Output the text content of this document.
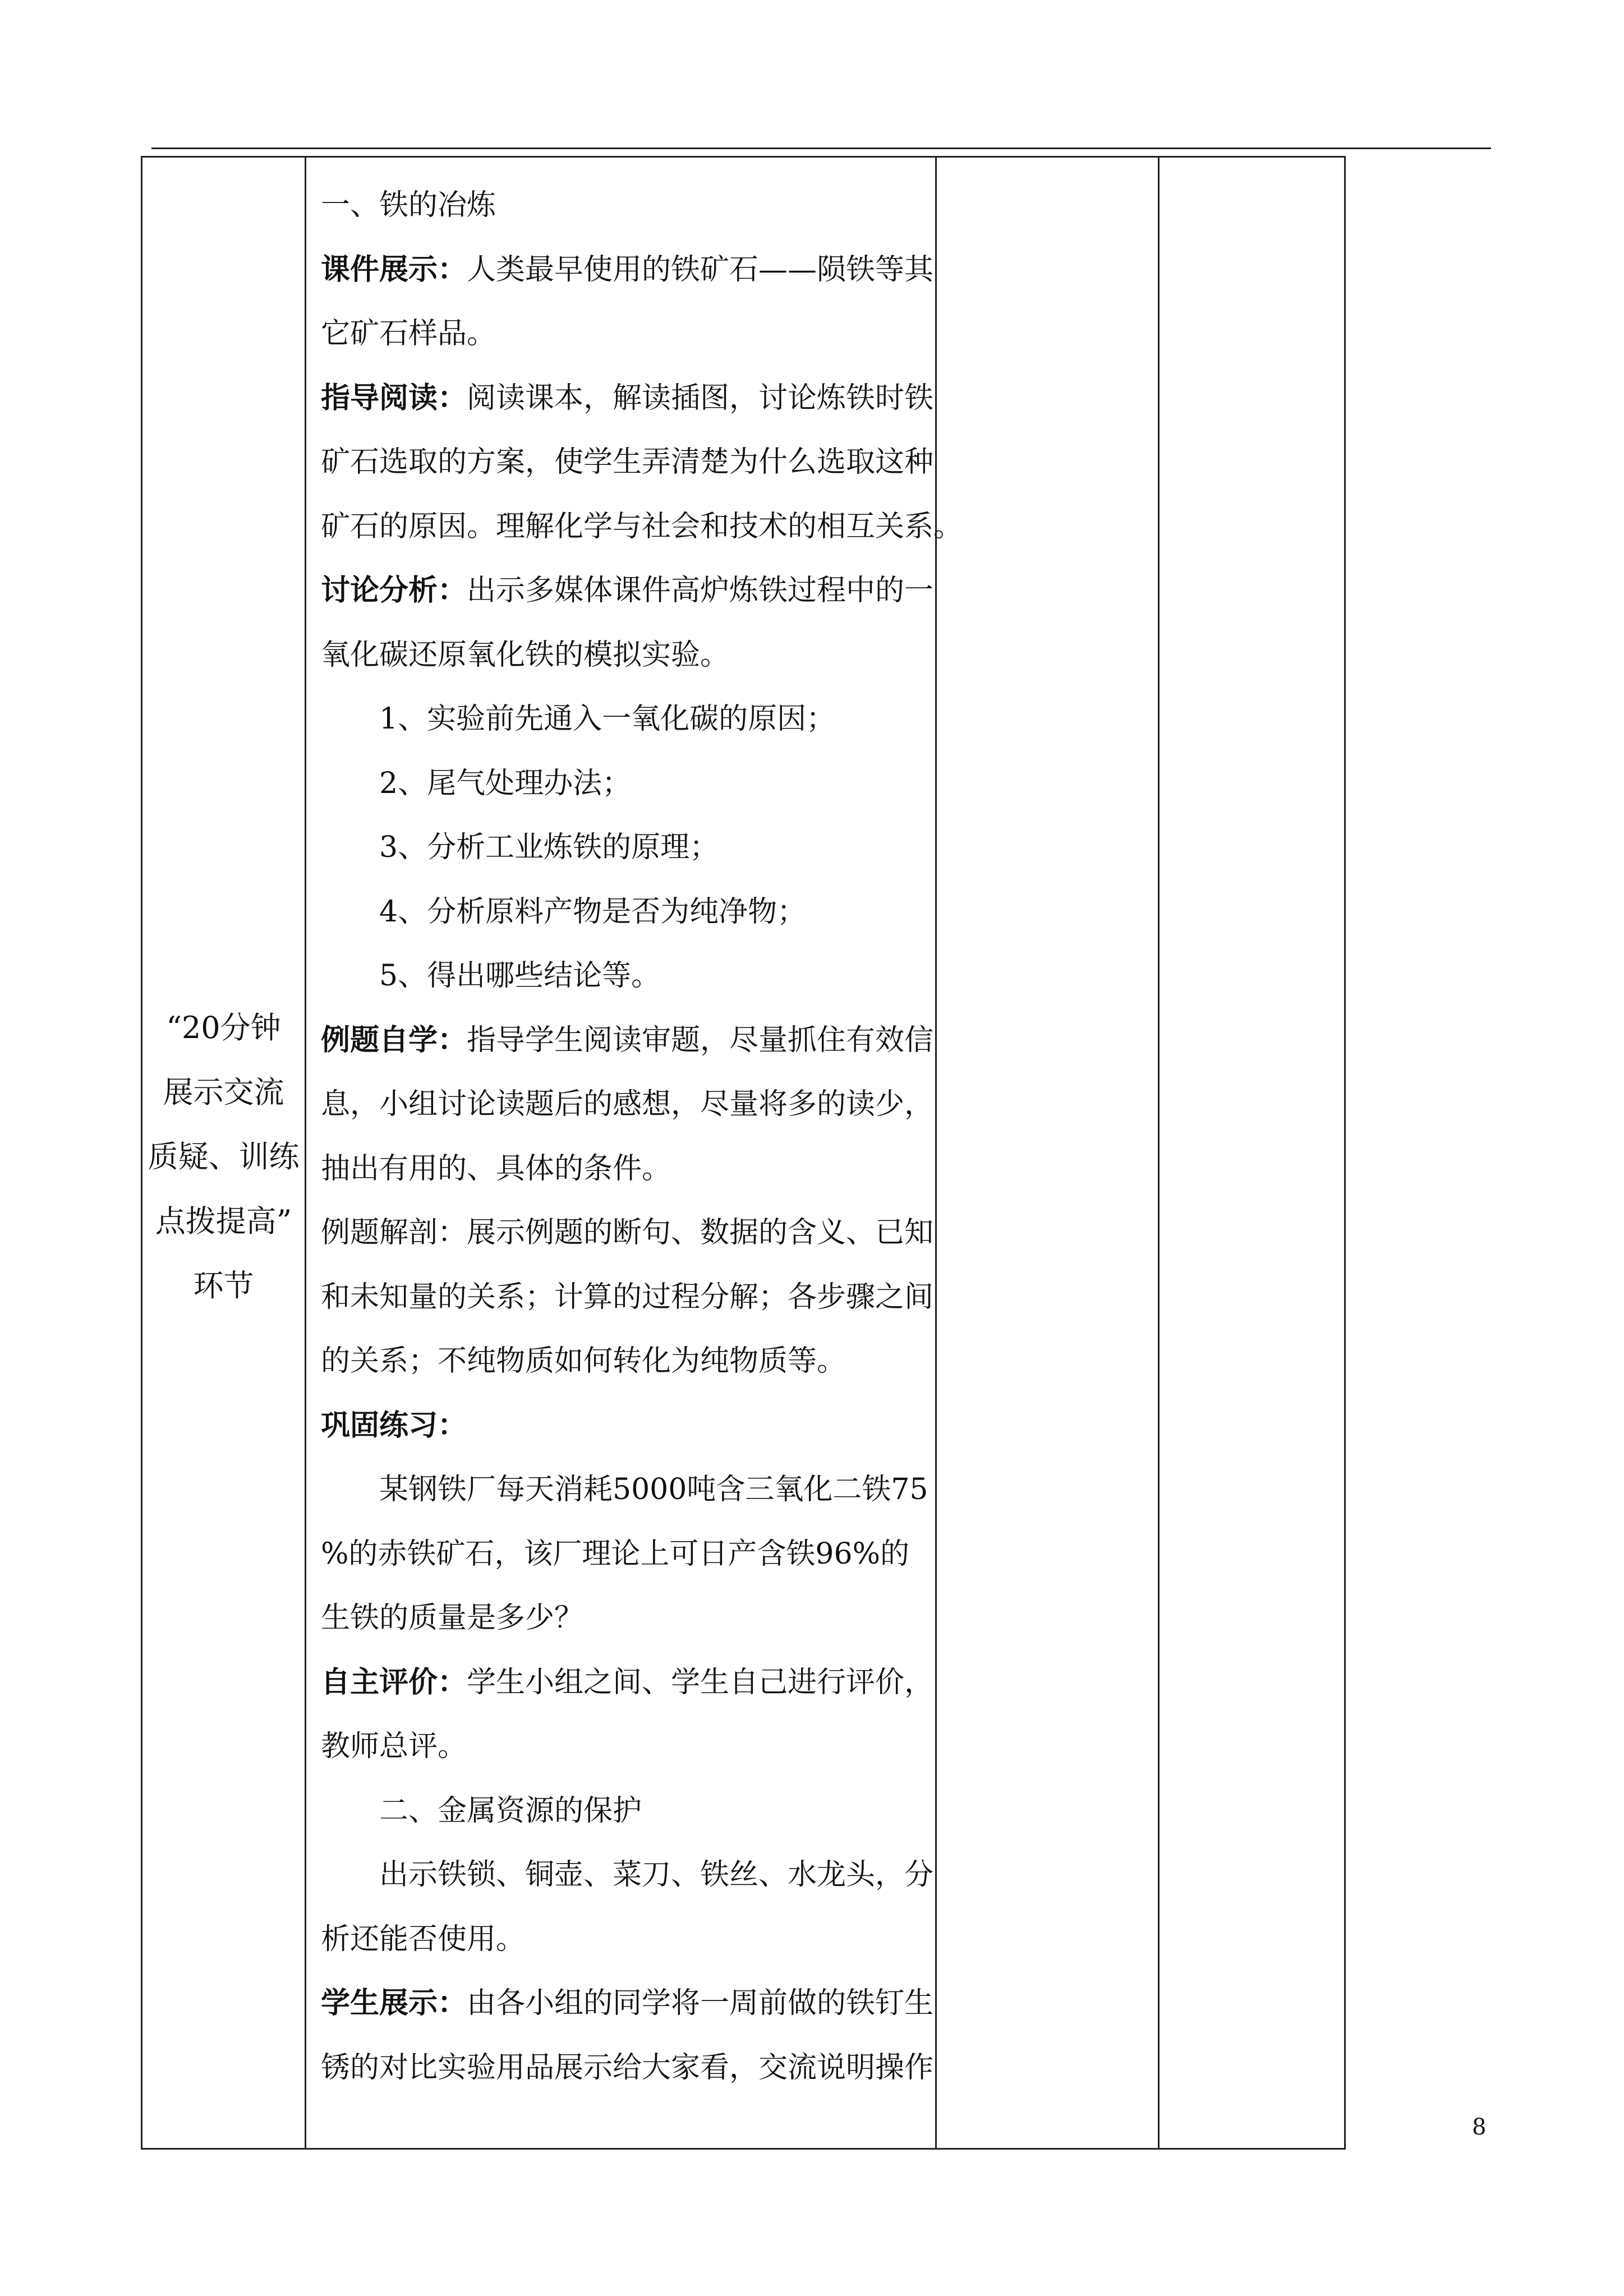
“20分钟
展示交流
质疑、训练
点拨提高”
环节

一、铁的冶炼

课件展示：人类最早使用的铁矿石——陨铁等其

它矿石样品。

指导阅读：阅读课本，解读插图，讨论炼铁时铁

矿石选取的方案，使学生弄清楚为什么选取这种

矿石的原因。理解化学与社会和技术的相互关系。

讨论分析：出示多媒体课件高炉炼铁过程中的一

氧化碳还原氧化铁的模拟实验。

1、实验前先通入一氧化碳的原因；

2、尾气处理办法；

3、分析工业炼铁的原理；

4、分析原料产物是否为纯净物；

5、得出哪些结论等。

例题自学：指导学生阅读审题，尽量抓住有效信

息，小组讨论读题后的感想，尽量将多的读少，

抽出有用的、具体的条件。

例题解剖：展示例题的断句、数据的含义、已知

和未知量的关系；计算的过程分解；各步骤之间

的关系；不纯物质如何转化为纯物质等。

巩固练习：

某钢铁厂每天消耗5000吨含三氧化二铁75

%的赤铁矿石，该厂理论上可日产含铁96%的

生铁的质量是多少？

自主评价：学生小组之间、学生自己进行评价，

教师总评。

二、金属资源的保护

出示铁锁、铜壶、菜刀、铁丝、水龙头，分

析还能否使用。

学生展示：由各小组的同学将一周前做的铁钉生

锈的对比实验用品展示给大家看，交流说明操作

8
